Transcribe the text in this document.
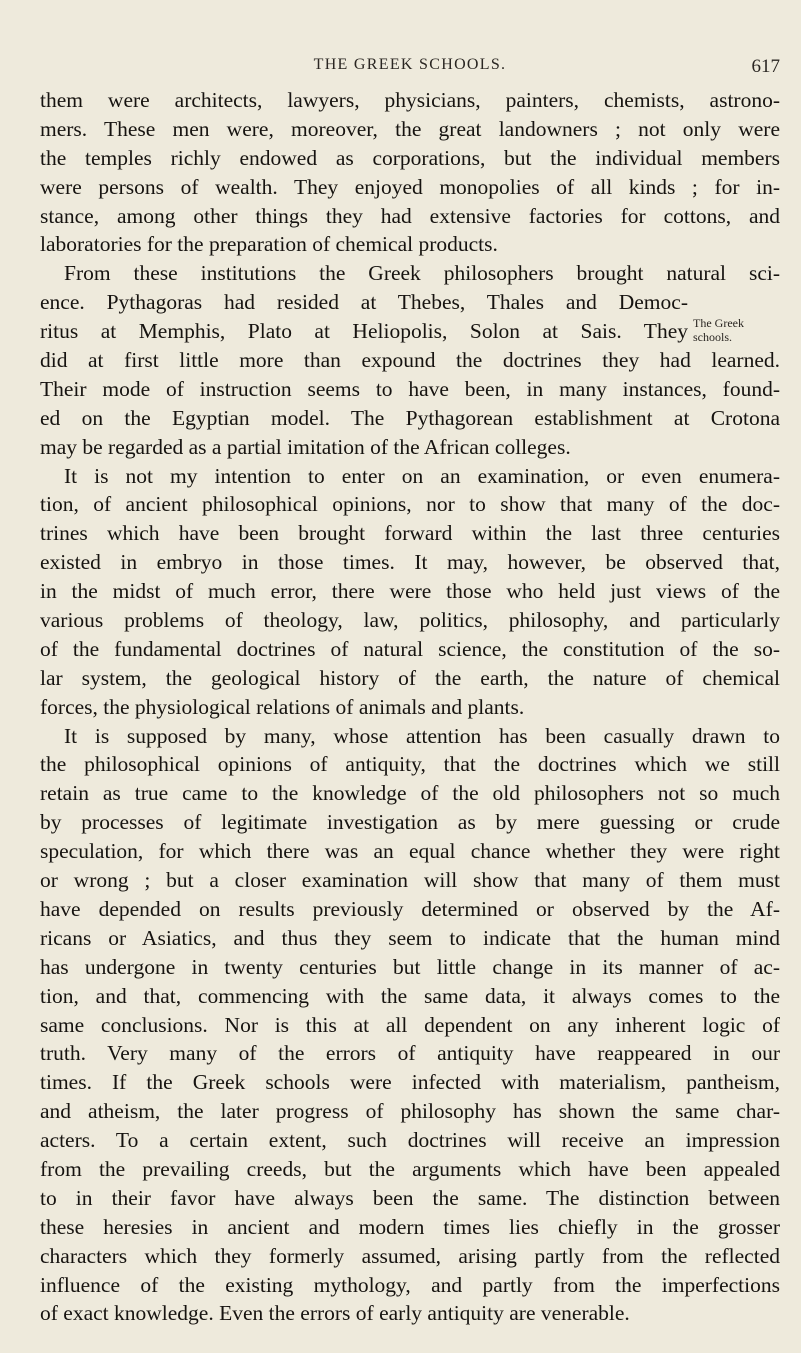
THE GREEK SCHOOLS.	617
The Greek
schools.
them were architects, lawyers, physicians, painters, chemists, astrono-
mers. These men were, moreover, the great landowners ; not only were
the temples richly endowed as corporations, but the individual members
were persons of wealth. They enjoyed monopolies of all kinds ; for in-
stance, among other things they had extensive factories for cottons, and
laboratories for the preparation of chemical products.
From these institutions the Greek philosophers brought natural sci-
ence. Pythagoras had resided at Thebes, Thales and Democ-
ritus at Memphis, Plato at Heliopolis, Solon at Sais. They
did at first little more than expound the doctrines they had learned.
Their mode of instruction seems to have been, in many instances, found-
ed on the Egyptian model. The Pythagorean establishment at Crotona
may be regarded as a partial imitation of the African colleges.
It is not my intention to enter on an examination, or even enumera-
tion, of ancient philosophical opinions, nor to show that many of the doc-
trines which have been brought forward within the last three centuries
existed in embryo in those times. It may, however, be observed that,
in the midst of much error, there were those who held just views of the
various problems of theology, law, politics, philosophy, and particularly
of the fundamental doctrines of natural science, the constitution of the so-
lar system, the geological history of the earth, the nature of chemical
forces, the physiological relations of animals and plants.
It is supposed by many, whose attention has been casually drawn to
the philosophical opinions of antiquity, that the doctrines which we still
retain as true came to the knowledge of the old philosophers not so much
by processes of legitimate investigation as by mere guessing or crude
speculation, for which there was an equal chance whether they were right
or wrong ; but a closer examination will show that many of them must
have depended on results previously determined or observed by the Af-
ricans or Asiatics, and thus they seem to indicate that the human mind
has undergone in twenty centuries but little change in its manner of ac-
tion, and that, commencing with the same data, it always comes to the
same conclusions. Nor is this at all dependent on any inherent logic of
truth. Very many of the errors of antiquity have reappeared in our
times. If the Greek schools were infected with materialism, pantheism,
and atheism, the later progress of philosophy has shown the same char-
acters. To a certain extent, such doctrines will receive an impression
from the prevailing creeds, but the arguments which have been appealed
to in their favor have always been the same. The distinction between
these heresies in ancient and modern times lies chiefly in the grosser
characters which they formerly assumed, arising partly from the reflected
influence of the existing mythology, and partly from the imperfections
of exact knowledge. Even the errors of early antiquity are venerable.
